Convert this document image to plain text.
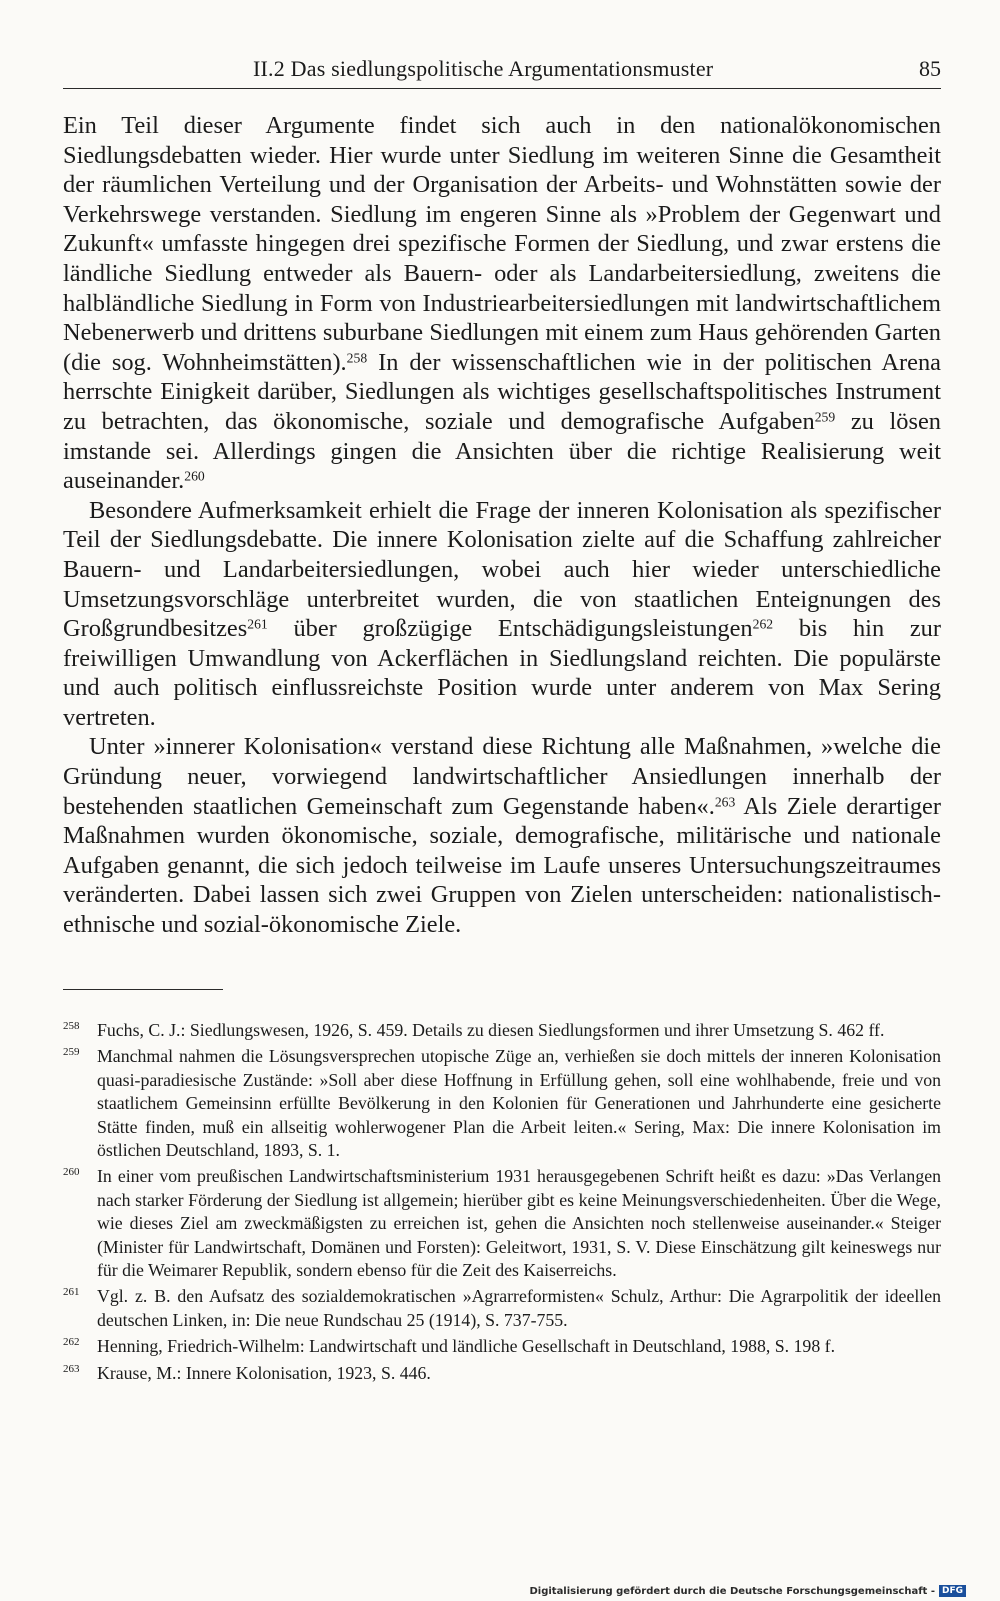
II.2 Das siedlungspolitische Argumentationsmuster	85

Ein Teil dieser Argumente findet sich auch in den nationalökonomischen Siedlungsdebatten wieder. Hier wurde unter Siedlung im weiteren Sinne die Gesamtheit der räumlichen Verteilung und der Organisation der Arbeits- und Wohnstätten sowie der Verkehrswege verstanden. Siedlung im engeren Sinne als »Problem der Gegenwart und Zukunft« umfasste hingegen drei spezifische Formen der Siedlung, und zwar erstens die ländliche Siedlung entweder als Bauern- oder als Landarbeitersiedlung, zweitens die halbländliche Siedlung in Form von Industriearbeitersiedlungen mit landwirtschaftlichem Nebenerwerb und drittens suburbane Siedlungen mit einem zum Haus gehörenden Garten (die sog. Wohnheimstätten).$^{258}$ In der wissenschaftlichen wie in der politischen Arena herrschte Einigkeit darüber, Siedlungen als wichtiges gesellschaftspolitisches Instrument zu betrachten, das ökonomische, soziale und demografische Aufgaben$^{259}$ zu lösen imstande sei. Allerdings gingen die Ansichten über die richtige Realisierung weit auseinander.$^{260}$

Besondere Aufmerksamkeit erhielt die Frage der inneren Kolonisation als spezifischer Teil der Siedlungsdebatte. Die innere Kolonisation zielte auf die Schaffung zahlreicher Bauern- und Landarbeitersiedlungen, wobei auch hier wieder unterschiedliche Umsetzungsvorschläge unterbreitet wurden, die von staatlichen Enteignungen des Großgrundbesitzes$^{261}$ über großzügige Entschädigungsleistungen$^{262}$ bis hin zur freiwilligen Umwandlung von Ackerflächen in Siedlungsland reichten. Die populärste und auch politisch einflussreichste Position wurde unter anderem von Max Sering vertreten.

Unter »innerer Kolonisation« verstand diese Richtung alle Maßnahmen, »welche die Gründung neuer, vorwiegend landwirtschaftlicher Ansiedlungen innerhalb der bestehenden staatlichen Gemeinschaft zum Gegenstande haben«.$^{263}$ Als Ziele derartiger Maßnahmen wurden ökonomische, soziale, demografische, militärische und nationale Aufgaben genannt, die sich jedoch teilweise im Laufe unseres Untersuchungszeitraumes veränderten. Dabei lassen sich zwei Gruppen von Zielen unterscheiden: nationalistisch-ethnische und sozial-ökonomische Ziele.

258 Fuchs, C. J.: Siedlungswesen, 1926, S. 459. Details zu diesen Siedlungsformen und ihrer Umsetzung S. 462 ff.
259 Manchmal nahmen die Lösungsversprechen utopische Züge an, verhießen sie doch mittels der inneren Kolonisation quasi-paradiesische Zustände: »Soll aber diese Hoffnung in Erfüllung gehen, soll eine wohlhabende, freie und von staatlichem Gemeinsinn erfüllte Bevölkerung in den Kolonien für Generationen und Jahrhunderte eine gesicherte Stätte finden, muß ein allseitig wohlerwogener Plan die Arbeit leiten.« Sering, Max: Die innere Kolonisation im östlichen Deutschland, 1893, S. 1.
260 In einer vom preußischen Landwirtschaftsministerium 1931 herausgegebenen Schrift heißt es dazu: »Das Verlangen nach starker Förderung der Siedlung ist allgemein; hierüber gibt es keine Meinungsverschiedenheiten. Über die Wege, wie dieses Ziel am zweckmäßigsten zu erreichen ist, gehen die Ansichten noch stellenweise auseinander.« Steiger (Minister für Landwirtschaft, Domänen und Forsten): Geleitwort, 1931, S. V. Diese Einschätzung gilt keineswegs nur für die Weimarer Republik, sondern ebenso für die Zeit des Kaiserreichs.
261 Vgl. z. B. den Aufsatz des sozialdemokratischen »Agrarreformisten« Schulz, Arthur: Die Agrarpolitik der ideellen deutschen Linken, in: Die neue Rundschau 25 (1914), S. 737-755.
262 Henning, Friedrich-Wilhelm: Landwirtschaft und ländliche Gesellschaft in Deutschland, 1988, S. 198 f.
263 Krause, M.: Innere Kolonisation, 1923, S. 446.
Digitalisierung gefördert durch die Deutsche Forschungsgemeinschaft - DFG
